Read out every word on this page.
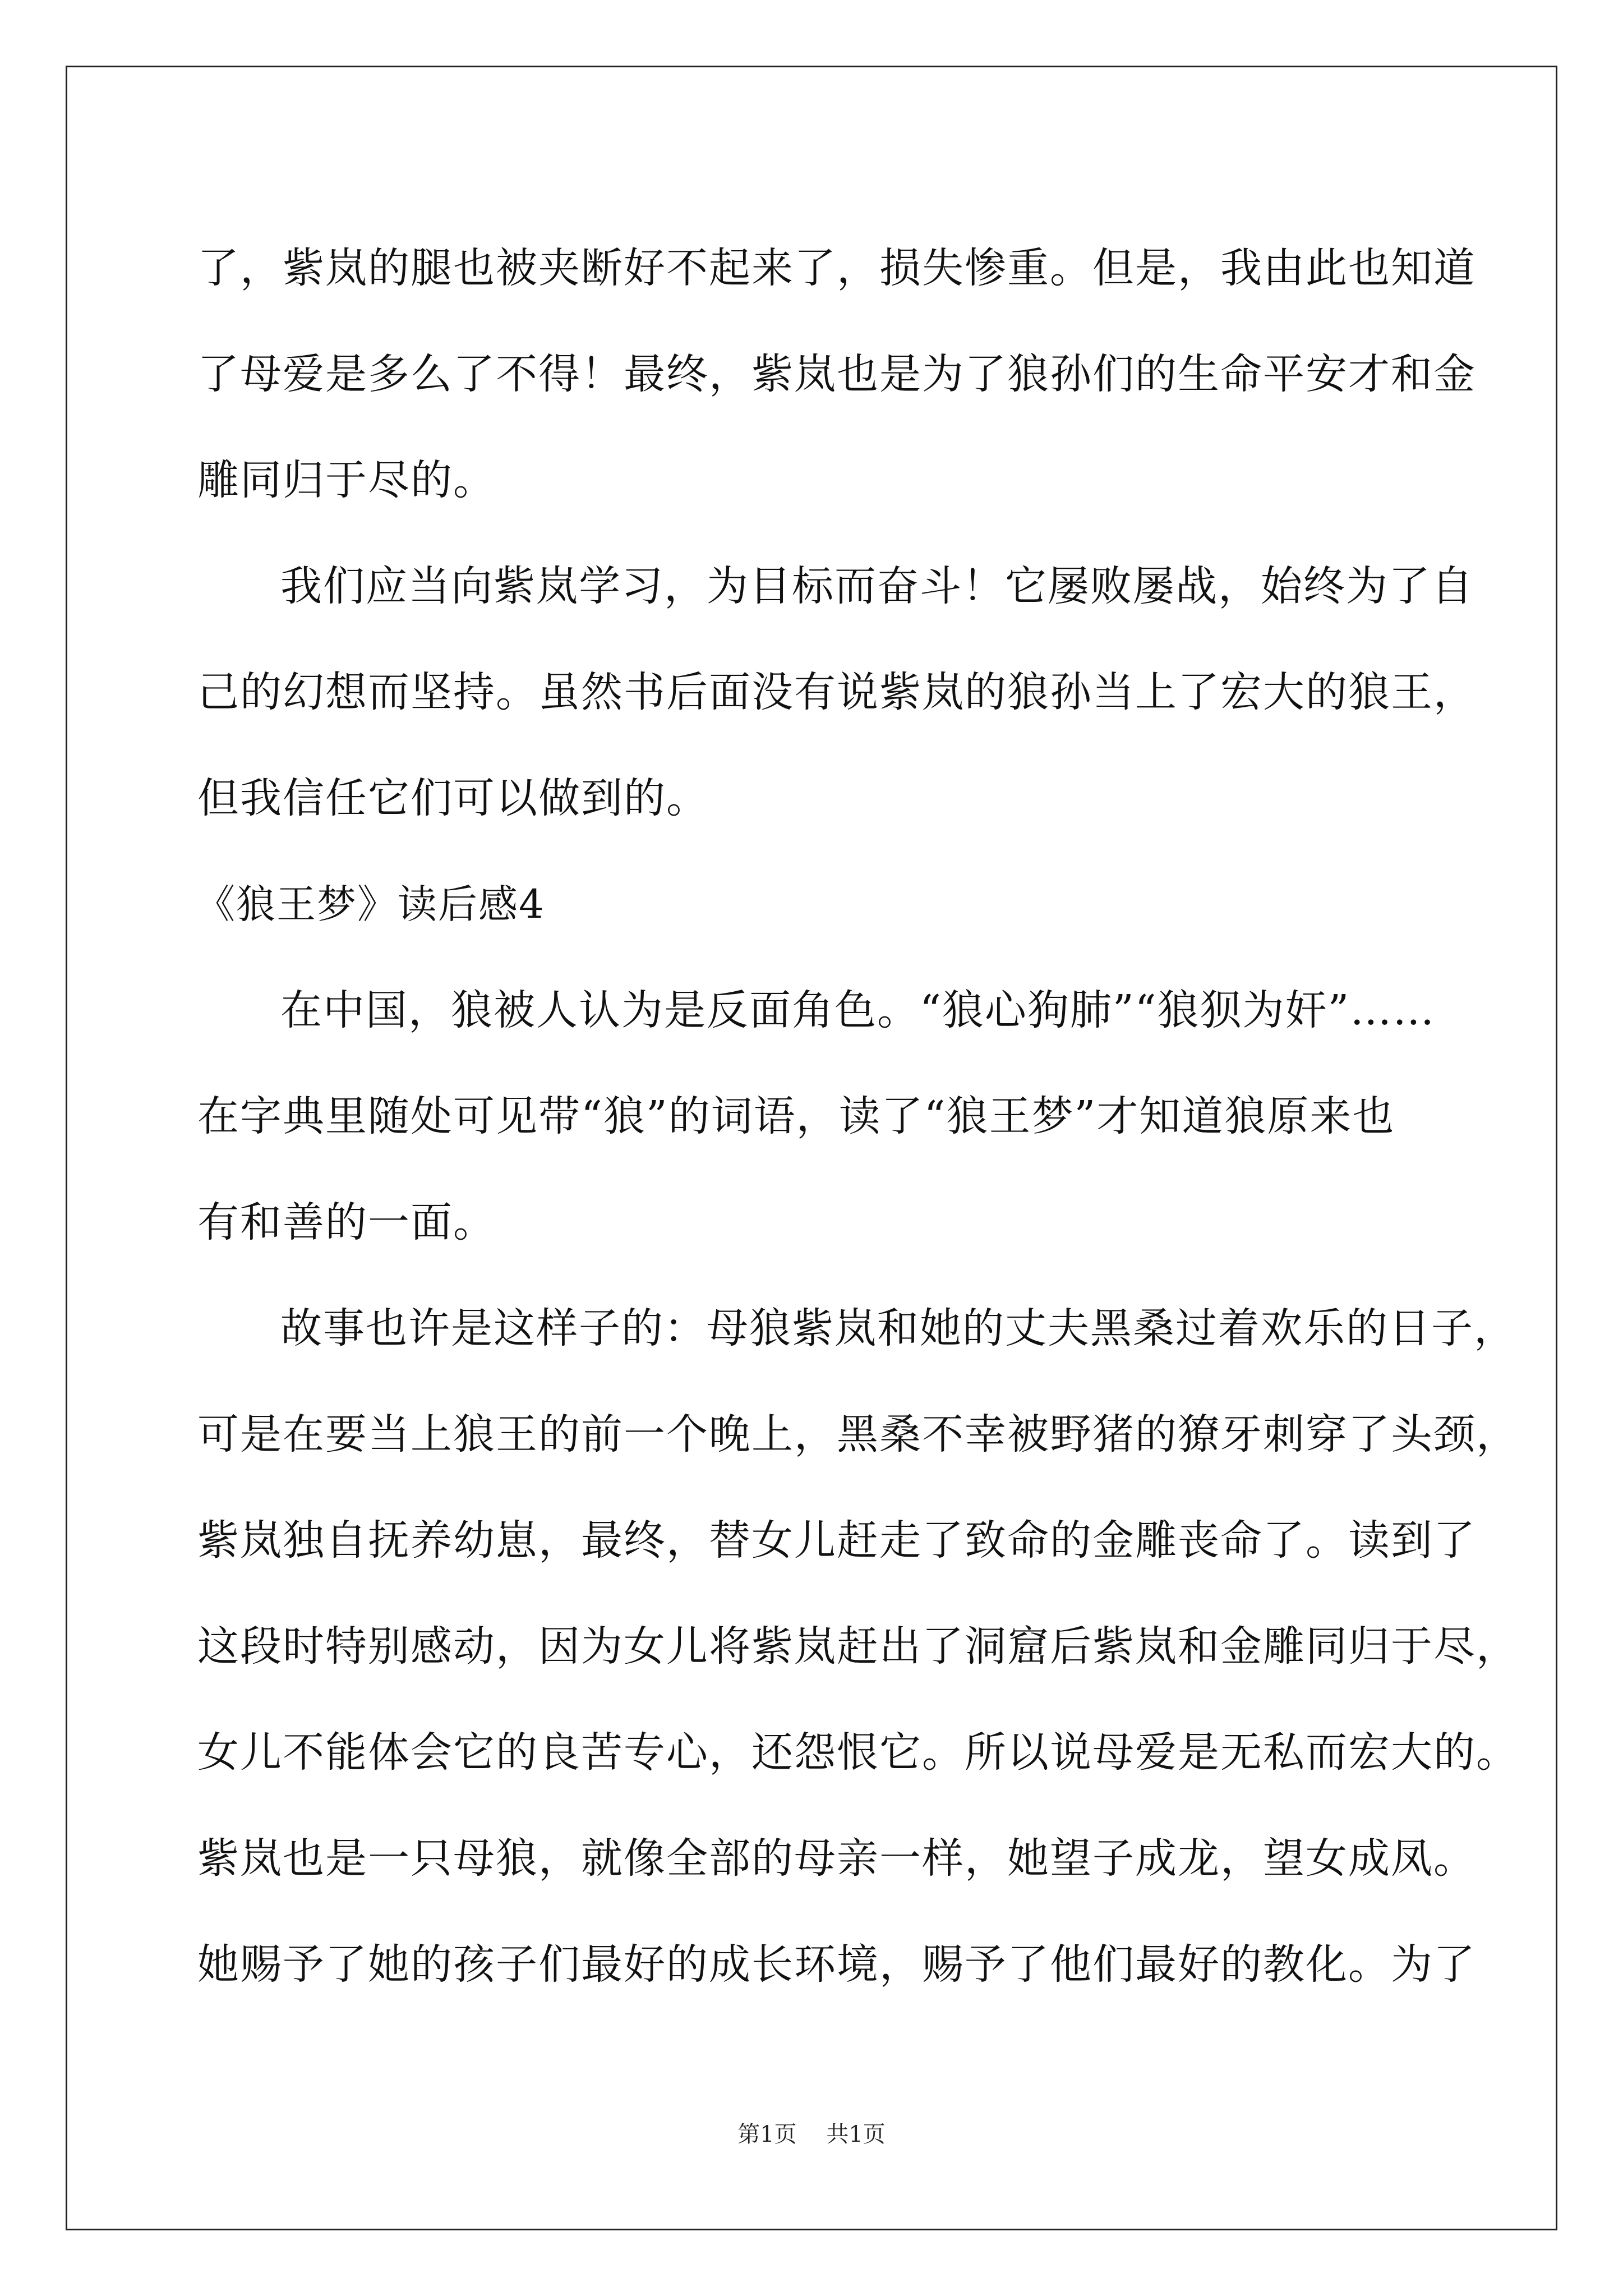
了，紫岚的腿也被夹断好不起来了，损失惨重。但是，我由此也知道
了母爱是多么了不得！最终，紫岚也是为了狼孙们的生命平安才和金
雕同归于尽的。
我们应当向紫岚学习，为目标而奋斗！它屡败屡战，始终为了自
己的幻想而坚持。虽然书后面没有说紫岚的狼孙当上了宏大的狼王，
但我信任它们可以做到的。
《狼王梦》读后感4
在中国，狼被人认为是反面角色。“狼心狗肺”“狼狈为奸”……
在字典里随处可见带“狼”的词语，读了“狼王梦”才知道狼原来也
有和善的一面。
故事也许是这样子的：母狼紫岚和她的丈夫黑桑过着欢乐的日子，
可是在要当上狼王的前一个晚上，黑桑不幸被野猪的獠牙刺穿了头颈，
紫岚独自抚养幼崽，最终，替女儿赶走了致命的金雕丧命了。读到了
这段时特别感动，因为女儿将紫岚赶出了洞窟后紫岚和金雕同归于尽，
女儿不能体会它的良苦专心，还怨恨它。所以说母爱是无私而宏大的。
紫岚也是一只母狼，就像全部的母亲一样，她望子成龙，望女成凤。
她赐予了她的孩子们最好的成长环境，赐予了他们最好的教化。为了
第1页 共1页
